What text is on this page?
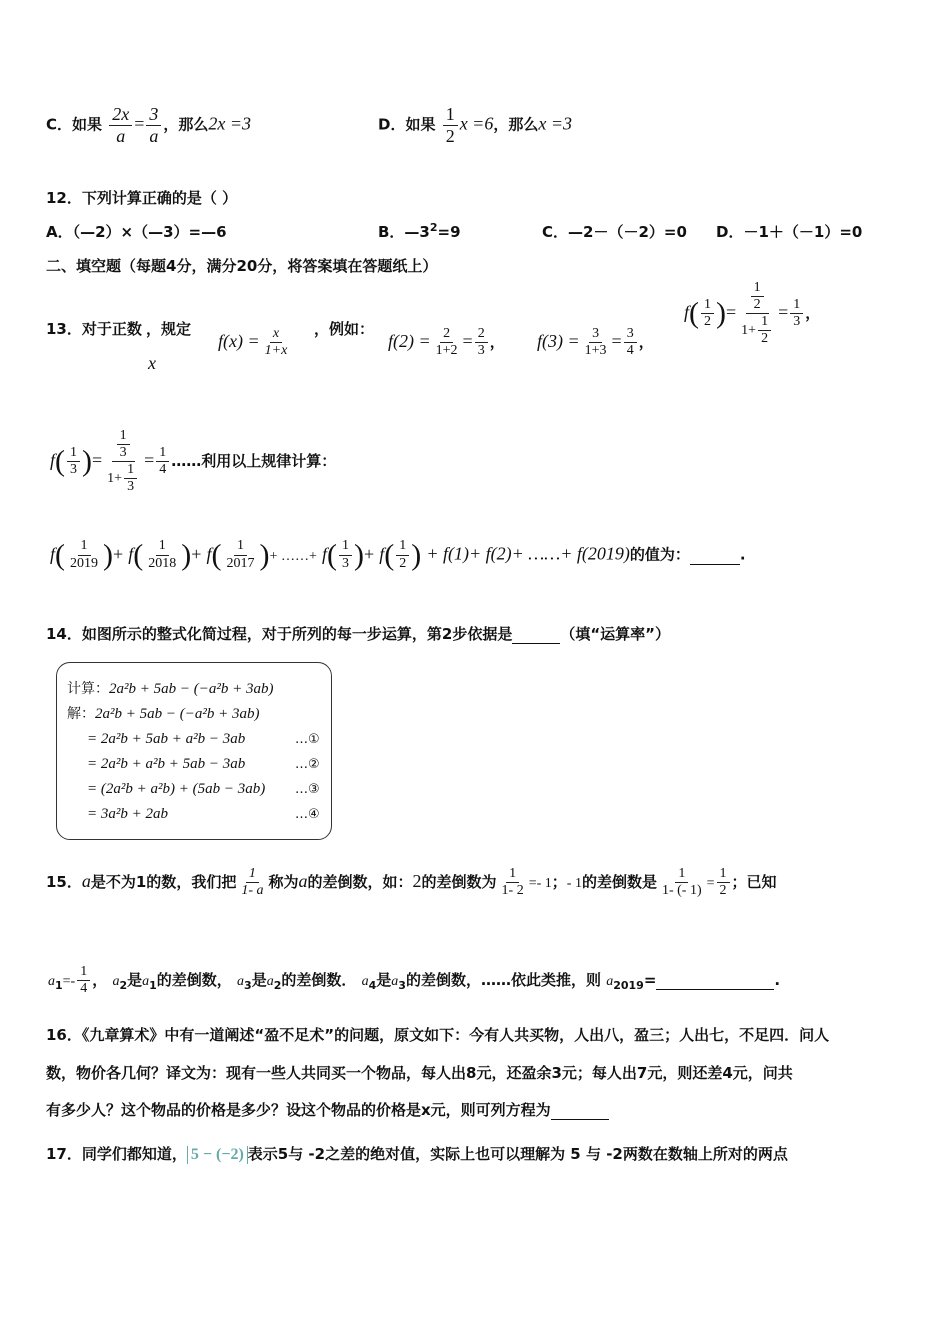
C．如果 $\frac{2x}{a} = \frac{3}{a}$ ，那么2x =3	D．如果 $\frac{1}{2}$ x =6，那么x =3
12．下列计算正确的是（ ）
A．（—2）×（—3）=—6	B．$—3^2=9$	C．—2－（－2）=0 D．－1＋（－1）=0
二、填空题（每题4分，满分20分，将答案填在答题纸上）
13．对于正数 ，规定
x
$f(x) = \frac{x}{1+x}$ ，例如：
$f(2) = \frac{2}{1+2} = \frac{2}{3}$ ， $f(3) = \frac{3}{1+3} = \frac{3}{4}$ ，
$f( \frac{1}{2}$ )= $\frac{\frac{1}{2}}{1+ \frac{1}{2}} = \frac{1}{3}$ ，
$f( \frac{1}{3}$ )= $\frac{\frac{1}{3}}{1+ \frac{1}{3}} = \frac{1}{4}$ ……利用以上规律计算：
$f( \frac{1}{2019}$ )+ $f( \frac{1}{2018}$ )+ $f( \frac{1}{2017}$ )+ ……+ $f( \frac{1}{3}$ )+ $f( \frac{1}{2}$ ) + f(1)+ f(2)+ ……+ f(2019)的值为：	.
14．如图所示的整式化简过程，对于所列的每一步运算，第2步依据是	（填“运算率”）
计算：2a²b + 5ab − (−a²b + 3ab)
解：2a²b + 5ab − (−a²b + 3ab)
= 2a²b + 5ab + a²b − 3ab	…①
= 2a²b + a²b + 5ab − 3ab	…②
= (2a²b + a²b) + (5ab − 3ab) …③
= 3a²b + 2ab	…④
15．a是不为1的数，我们把 $\frac{1}{1- a}$ 称为a的差倒数，如：2的差倒数为 $\frac{1}{1- 2} =- 1$；- 1的差倒数是 $\frac{1}{1- (- 1)} = \frac{1}{2}$ ；已知
$a_1=- \frac{1}{4}$ ， $a_2$是$a_1$的差倒数， $a_3$是$a_2$的差倒数． $a_4$是$a_3$的差倒数，……依此类推，则 $a_{2019}=$	.
16．《九章算术》中有一道阐述“盈不足术”的问题，原文如下：今有人共买物，人出八，盈三；人出七，不足四．问人
数，物价各几何？译文为：现有一些人共同买一个物品，每人出8元，还盈余3元；每人出7元，则还差4元，问共
有多少人？这个物品的价格是多少？设这个物品的价格是x元，则可列方程为
17．同学们都知道， 5 − (−2) 表示5与 -2之差的绝对值，实际上也可以理解为 5 与 -2两数在数轴上所对的两点
